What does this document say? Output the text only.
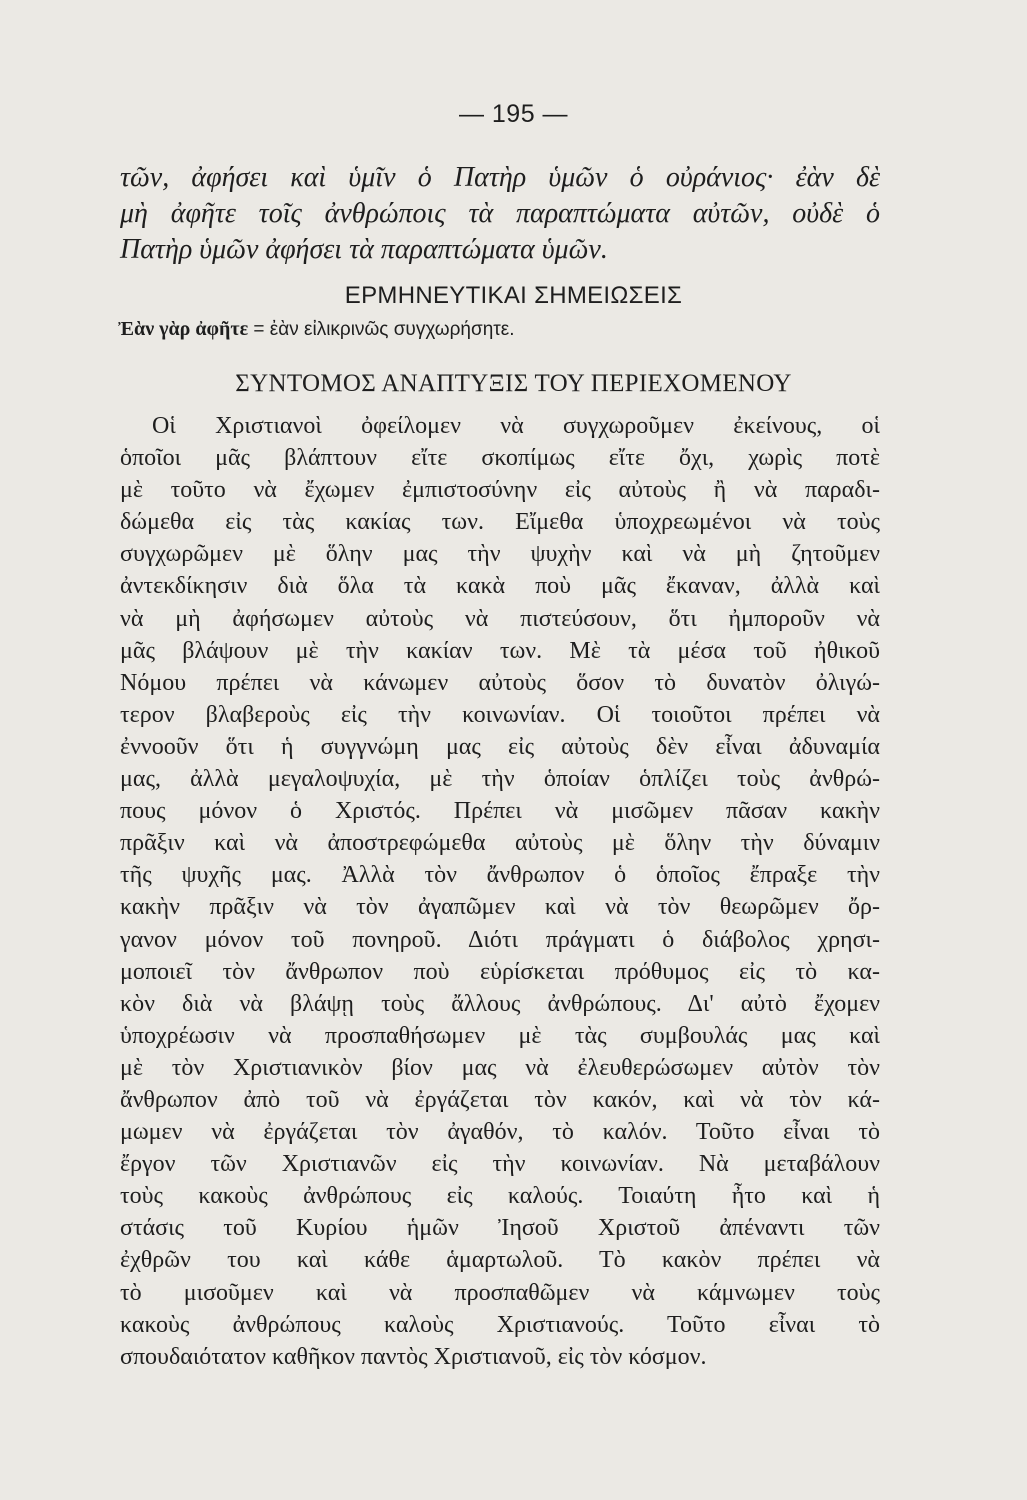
— 195 —
τῶν, ἀφήσει καὶ ὑμῖν ὁ Πατὴρ ὑμῶν ὁ οὐράνιος· ἐὰν δὲ
μὴ ἀφῆτε τοῖς ἀνθρώποις τὰ παραπτώματα αὐτῶν, οὐδὲ ὁ
Πατὴρ ὑμῶν ἀφήσει τὰ παραπτώματα ὑμῶν.
ΕΡΜΗΝΕΥΤΙΚΑΙ ΣΗΜΕΙΩΣΕΙΣ
Ἐὰν γὰρ ἀφῆτε = ἐὰν εἰλικρινῶς συγχωρήσητε.
ΣΥΝΤΟΜΟΣ ΑΝΑΠΤΥΞΙΣ ΤΟΥ ΠΕΡΙΕΧΟΜΕΝΟΥ
Οἱ Χριστιανοὶ ὀφείλομεν νὰ συγχωροῦμεν ἐκείνους, οἱ
ὁποῖοι μᾶς βλάπτουν εἴτε σκοπίμως εἴτε ὄχι, χωρὶς ποτὲ
μὲ τοῦτο νὰ ἔχωμεν ἐμπιστοσύνην εἰς αὐτοὺς ἢ νὰ παραδι-
δώμεθα εἰς τὰς κακίας των. Εἴμεθα ὑποχρεωμένοι νὰ τοὺς
συγχωρῶμεν μὲ ὅλην μας τὴν ψυχὴν καὶ νὰ μὴ ζητοῦμεν
ἀντεκδίκησιν διὰ ὅλα τὰ κακὰ ποὺ μᾶς ἔκαναν, ἀλλὰ καὶ
νὰ μὴ ἀφήσωμεν αὐτοὺς νὰ πιστεύσουν, ὅτι ἠμποροῦν νὰ
μᾶς βλάψουν μὲ τὴν κακίαν των. Μὲ τὰ μέσα τοῦ ἠθικοῦ
Νόμου πρέπει νὰ κάνωμεν αὐτοὺς ὅσον τὸ δυνατὸν ὀλιγώ-
τερον βλαβεροὺς εἰς τὴν κοινωνίαν. Οἱ τοιοῦτοι πρέπει νὰ
ἐννοοῦν ὅτι ἡ συγγνώμη μας εἰς αὐτοὺς δὲν εἶναι ἀδυναμία
μας, ἀλλὰ μεγαλοψυχία, μὲ τὴν ὁποίαν ὁπλίζει τοὺς ἀνθρώ-
πους μόνον ὁ Χριστός. Πρέπει νὰ μισῶμεν πᾶσαν κακὴν
πρᾶξιν καὶ νὰ ἀποστρεφώμεθα αὐτοὺς μὲ ὅλην τὴν δύναμιν
τῆς ψυχῆς μας. Ἀλλὰ τὸν ἄνθρωπον ὁ ὁποῖος ἔπραξε τὴν
κακὴν πρᾶξιν νὰ τὸν ἀγαπῶμεν καὶ νὰ τὸν θεωρῶμεν ὄρ-
γανον μόνον τοῦ πονηροῦ. Διότι πράγματι ὁ διάβολος χρησι-
μοποιεῖ τὸν ἄνθρωπον ποὺ εὑρίσκεται πρόθυμος εἰς τὸ κα-
κὸν διὰ νὰ βλάψῃ τοὺς ἄλλους ἀνθρώπους. Δι' αὐτὸ ἔχομεν
ὑποχρέωσιν νὰ προσπαθήσωμεν μὲ τὰς συμβουλάς μας καὶ
μὲ τὸν Χριστιανικὸν βίον μας νὰ ἐλευθερώσωμεν αὐτὸν τὸν
ἄνθρωπον ἀπὸ τοῦ νὰ ἐργάζεται τὸν κακόν, καὶ νὰ τὸν κά-
μωμεν νὰ ἐργάζεται τὸν ἀγαθόν, τὸ καλόν. Τοῦτο εἶναι τὸ
ἔργον τῶν Χριστιανῶν εἰς τὴν κοινωνίαν. Νὰ μεταβάλουν
τοὺς κακοὺς ἀνθρώπους εἰς καλούς. Τοιαύτη ἦτο καὶ ἡ
στάσις τοῦ Κυρίου ἡμῶν Ἰησοῦ Χριστοῦ ἀπέναντι τῶν
ἐχθρῶν του καὶ κάθε ἁμαρτωλοῦ. Τὸ κακὸν πρέπει νὰ
τὸ μισοῦμεν καὶ νὰ προσπαθῶμεν νὰ κάμνωμεν τοὺς
κακοὺς ἀνθρώπους καλοὺς Χριστιανούς. Τοῦτο εἶναι τὸ
σπουδαιότατον καθῆκον παντὸς Χριστιανοῦ, εἰς τὸν κόσμον.
